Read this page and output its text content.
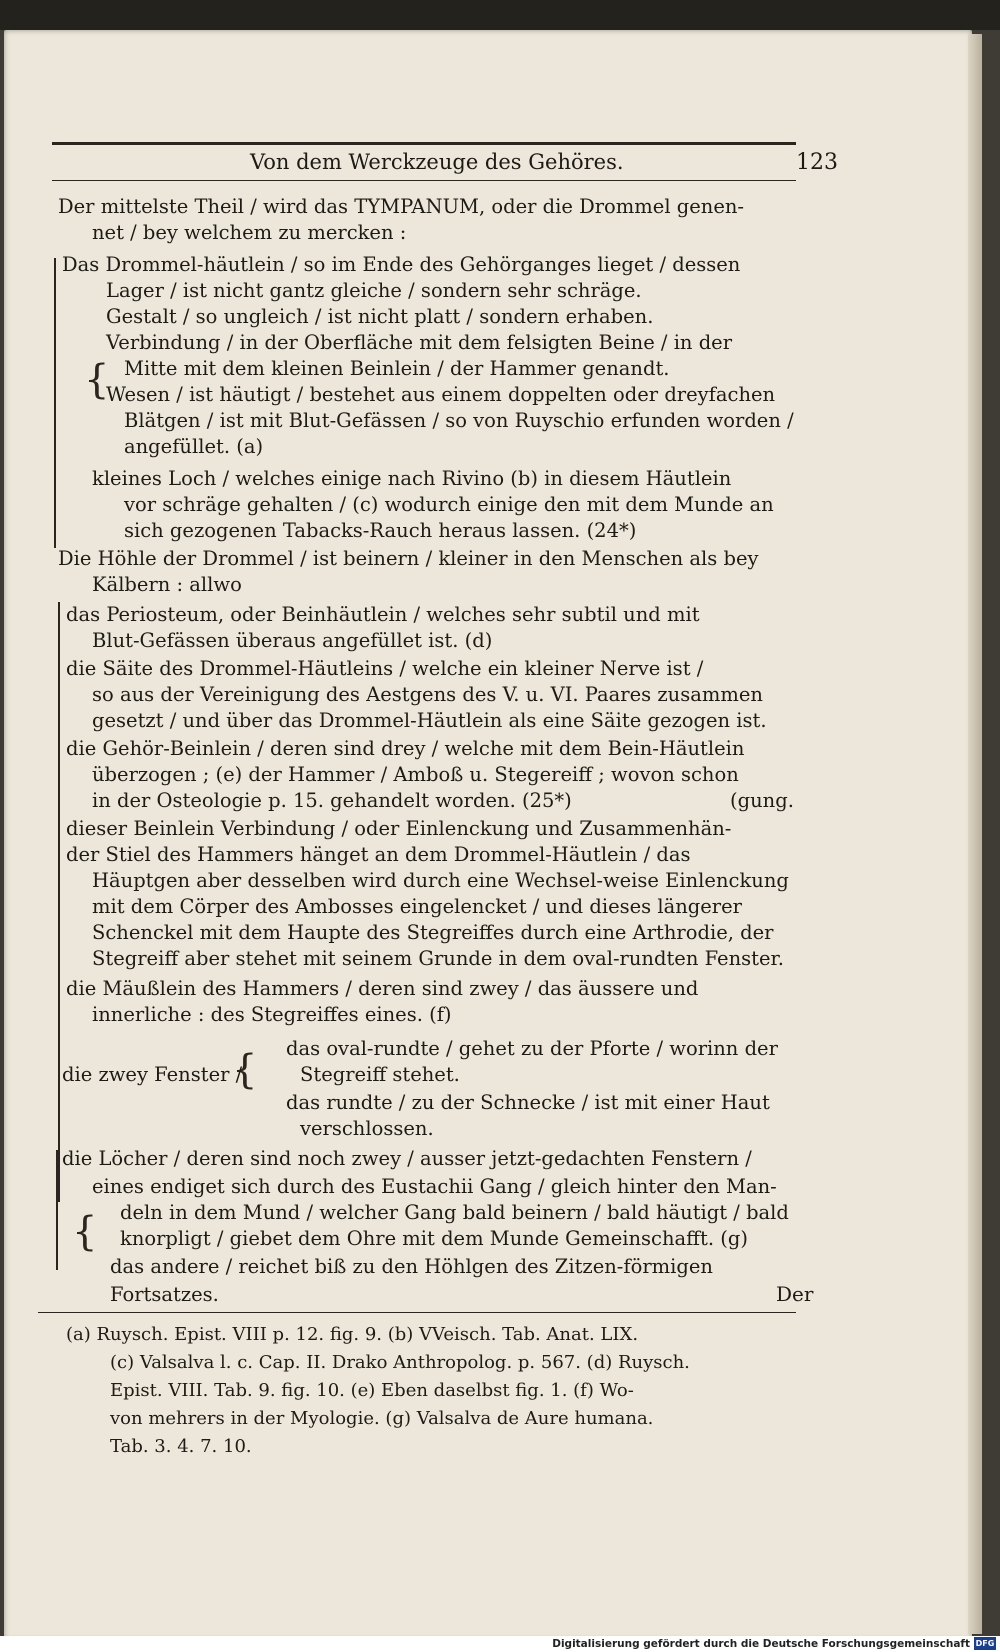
Von dem Werckzeuge des Gehöres.	123
{
{
{
Der mittelste Theil / wird das TYMPANUM, oder die Drommel genen-
net / bey welchem zu mercken :
Das Drommel-häutlein / so im Ende des Gehörganges lieget / dessen
Lager / ist nicht gantz gleiche / sondern sehr schräge.
Gestalt / so ungleich / ist nicht platt / sondern erhaben.
Verbindung / in der Oberfläche mit dem felsigten Beine / in der
Mitte mit dem kleinen Beinlein / der Hammer genandt.
Wesen / ist häutigt / bestehet aus einem doppelten oder dreyfachen
Blätgen / ist mit Blut-Gefässen / so von Ruyschio erfunden worden /
angefüllet. (a)
kleines Loch / welches einige nach Rivino (b) in diesem Häutlein
vor schräge gehalten / (c) wodurch einige den mit dem Munde an
sich gezogenen Tabacks-Rauch heraus lassen. (24*)
Die Höhle der Drommel / ist beinern / kleiner in den Menschen als bey
Kälbern : allwo
das Periosteum, oder Beinhäutlein / welches sehr subtil und mit
Blut-Gefässen überaus angefüllet ist. (d)
die Säite des Drommel-Häutleins / welche ein kleiner Nerve ist /
so aus der Vereinigung des Aestgens des V. u. VI. Paares zusammen
gesetzt / und über das Drommel-Häutlein als eine Säite gezogen ist.
die Gehör-Beinlein / deren sind drey / welche mit dem Bein-Häutlein
überzogen ; (e) der Hammer / Amboß u. Stegereiff ; wovon schon
in der Osteologie p. 15. gehandelt worden. (25*)	(gung.
dieser Beinlein Verbindung / oder Einlenckung und Zusammenhän-
der Stiel des Hammers hänget an dem Drommel-Häutlein / das
Häuptgen aber desselben wird durch eine Wechsel-weise Einlenckung
mit dem Cörper des Ambosses eingelencket / und dieses längerer
Schenckel mit dem Haupte des Stegreiffes durch eine Arthrodie, der
Stegreiff aber stehet mit seinem Grunde in dem oval-rundten Fenster.
die Mäußlein des Hammers / deren sind zwey / das äussere und
innerliche : des Stegreiffes eines. (f)
das oval-rundte / gehet zu der Pforte / worinn der
die zwey Fenster /	Stegreiff stehet.
das rundte / zu der Schnecke / ist mit einer Haut
verschlossen.
die Löcher / deren sind noch zwey / ausser jetzt-gedachten Fenstern /
eines endiget sich durch des Eustachii Gang / gleich hinter den Man-
deln in dem Mund / welcher Gang bald beinern / bald häutigt / bald
knorpligt / giebet dem Ohre mit dem Munde Gemeinschafft. (g)
das andere / reichet biß zu den Höhlgen des Zitzen-förmigen
Fortsatzes.	Der
(a) Ruysch. Epist. VIII p. 12. fig. 9. (b) VVeisch. Tab. Anat. LIX.
(c) Valsalva l. c. Cap. II. Drako Anthropolog. p. 567. (d) Ruysch.
Epist. VIII. Tab. 9. fig. 10. (e) Eben daselbst fig. 1. (f) Wo-
von mehrers in der Myologie. (g) Valsalva de Aure humana.
Tab. 3. 4. 7. 10.
Digitalisierung gefördert durch die Deutsche Forschungsgemeinschaft DFG
